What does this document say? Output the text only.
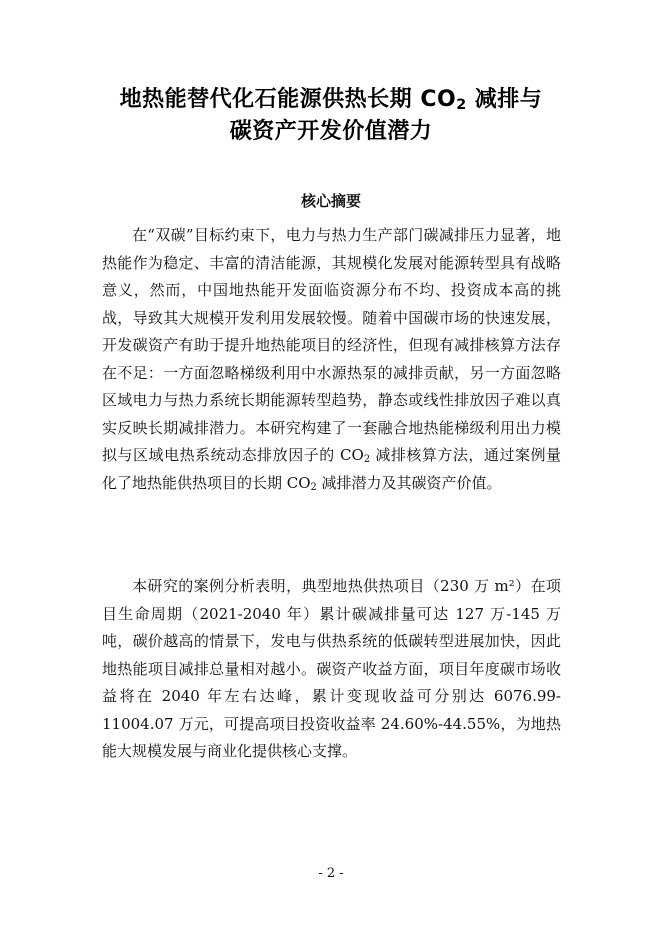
地热能替代化石能源供热长期 $CO_2$ 减排与
碳资产开发价值潜力
核心摘要

在“双碳”目标约束下，电力与热力生产部门碳减排压力显著，地热能作为稳定、丰富的清洁能源，其规模化发展对能源转型具有战略意义，然而，中国地热能开发面临资源分布不均、投资成本高的挑战，导致其大规模开发利用发展较慢。随着中国碳市场的快速发展，开发碳资产有助于提升地热能项目的经济性，但现有减排核算方法存在不足：一方面忽略梯级利用中水源热泵的减排贡献，另一方面忽略区域电力与热力系统长期能源转型趋势，静态或线性排放因子难以真实反映长期减排潜力。本研究构建了一套融合地热能梯级利用出力模拟与区域电热系统动态排放因子的 $CO_2$ 减排核算方法，通过案例量化了地热能供热项目的长期 $CO_2$ 减排潜力及其碳资产价值。

本研究的案例分析表明，典型地热供热项目（230 万 m²）在项目生命周期（2021-2040 年）累计碳减排量可达 127 万-145 万吨，碳价越高的情景下，发电与供热系统的低碳转型进展加快，因此地热能项目减排总量相对越小。碳资产收益方面，项目年度碳市场收益将在 2040 年左右达峰，累计变现收益可分别达 6076.99-11004.07 万元，可提高项目投资收益率 24.60%-44.55%，为地热能大规模发展与商业化提供核心支撑。

- 2 -
